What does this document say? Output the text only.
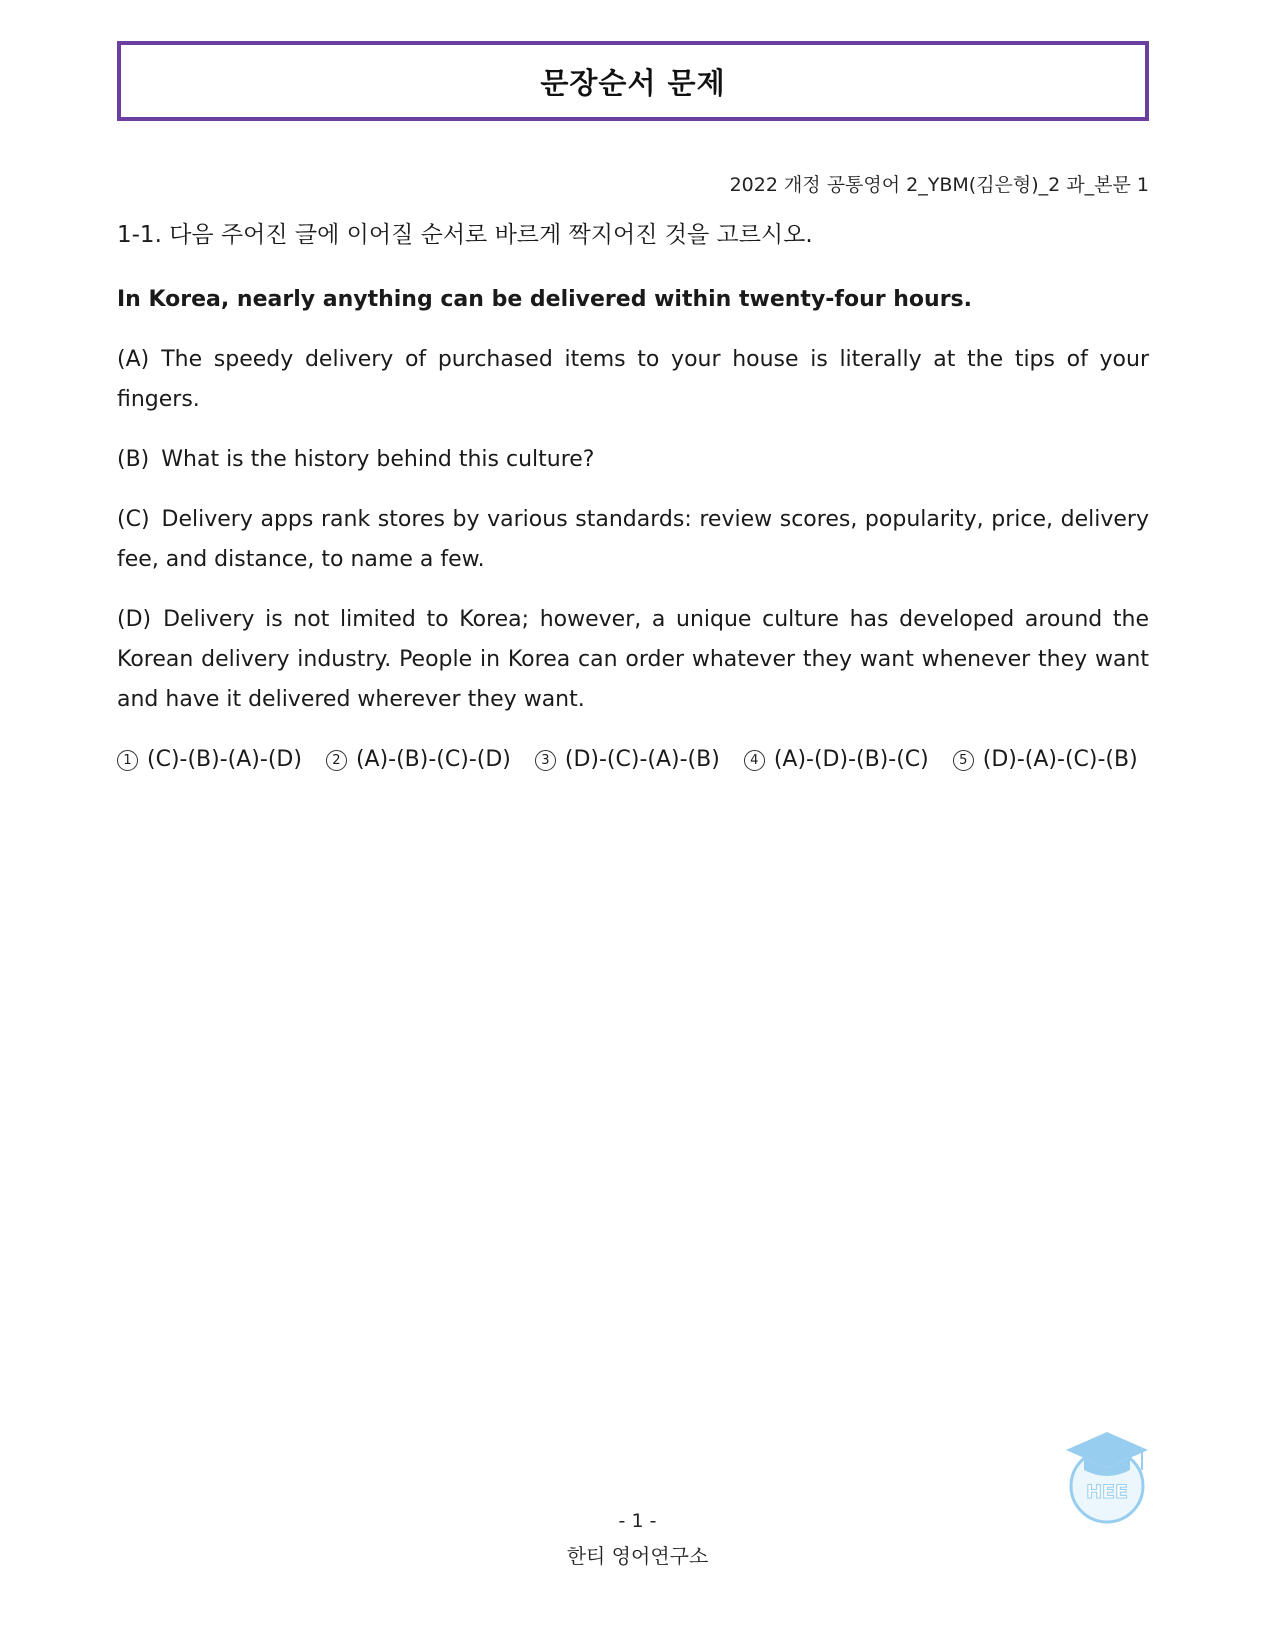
문장순서 문제
2022 개정 공통영어 2_YBM(김은형)_2 과_본문 1

1-1. 다음 주어진 글에 이어질 순서로 바르게 짝지어진 것을 고르시오.

In Korea, nearly anything can be delivered within twenty-four hours.

(A) The speedy delivery of purchased items to your house is literally at the tips of your fingers.

(B) What is the history behind this culture?

(C) Delivery apps rank stores by various standards: review scores, popularity, price, delivery fee, and distance, to name a few.

(D) Delivery is not limited to Korea; however, a unique culture has developed around the Korean delivery industry. People in Korea can order whatever they want whenever they want and have it delivered wherever they want.

1 (C)-(B)-(A)-(D)	2 (A)-(B)-(C)-(D)	3 (D)-(C)-(A)-(B)	4 (A)-(D)-(B)-(C)	5 (D)-(A)-(C)-(B)
- 1 -
한티 영어연구소
HEE
